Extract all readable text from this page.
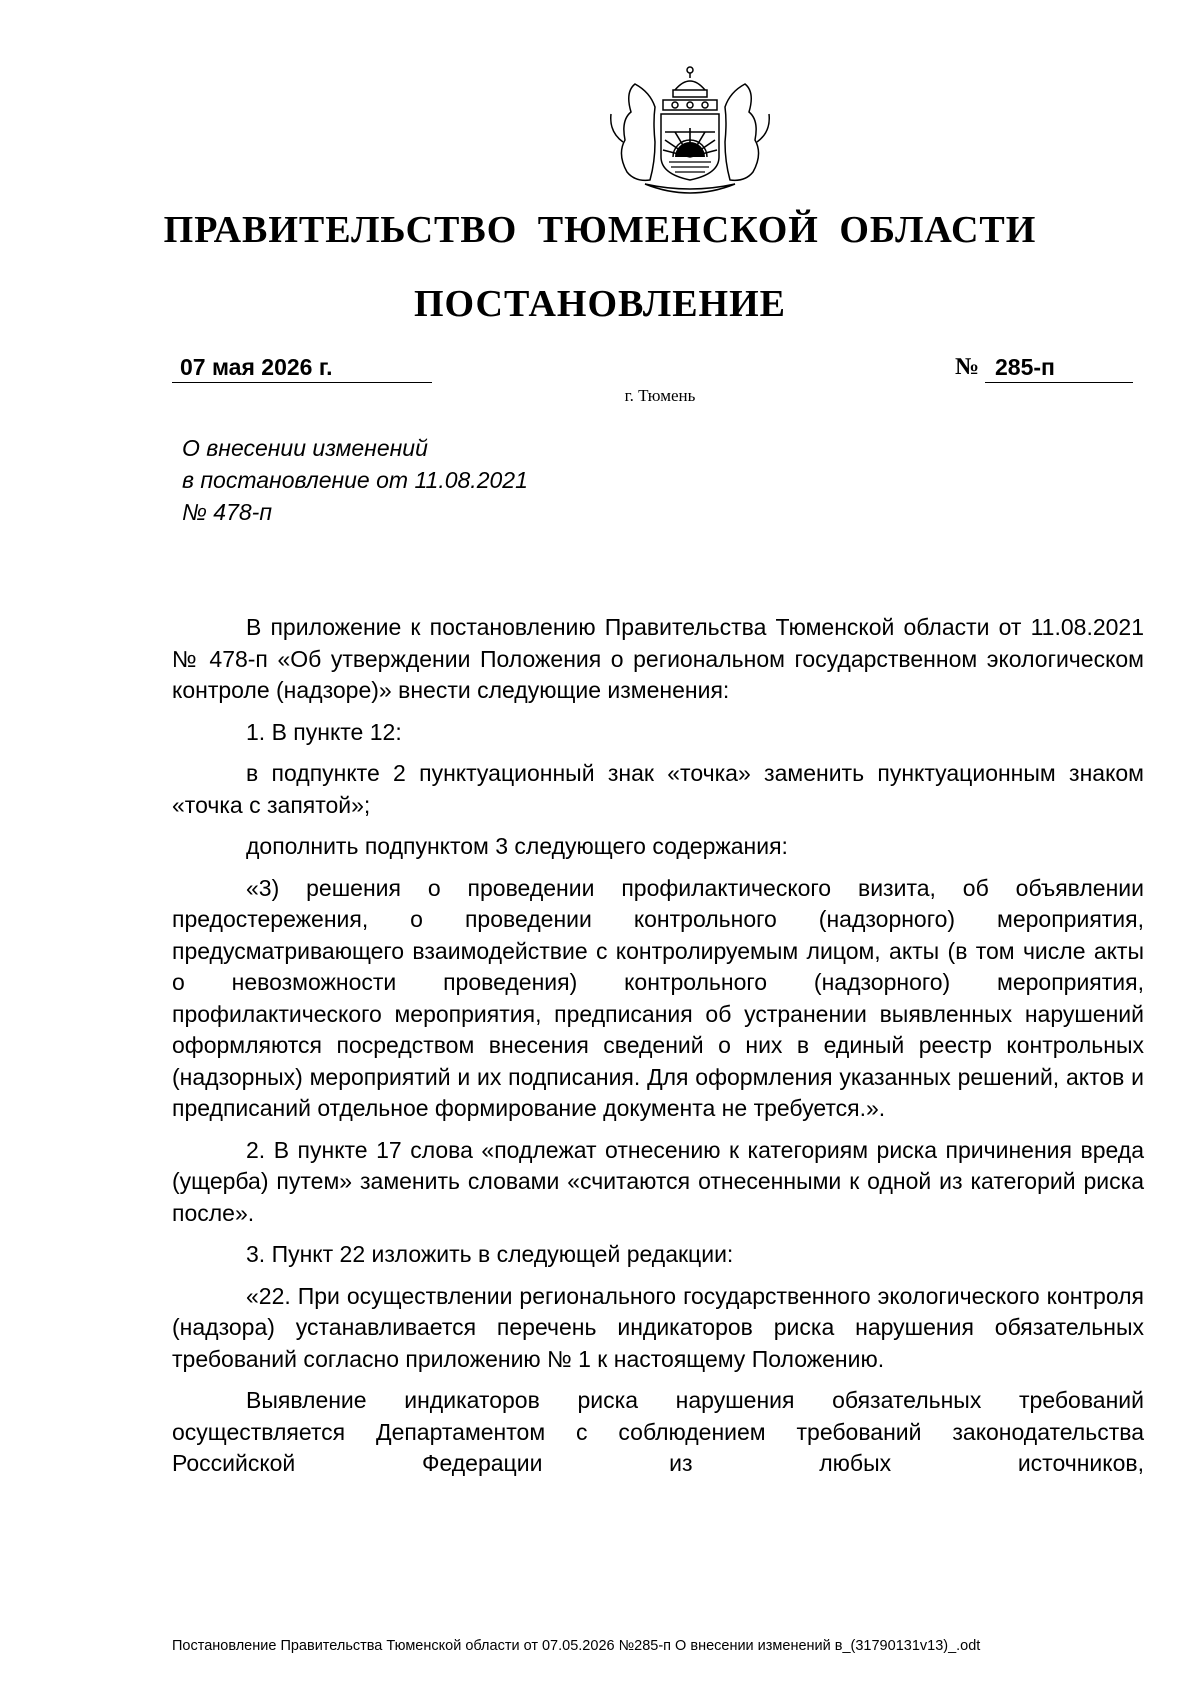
ПРАВИТЕЛЬСТВО ТЮМЕНСКОЙ ОБЛАСТИ
ПОСТАНОВЛЕНИЕ
07 мая 2026 г.	№ 285-п
г. Тюмень
О внесении изменений
в постановление от 11.08.2021
№ 478-п

В приложение к постановлению Правительства Тюменской области от 11.08.2021 № 478-п «Об утверждении Положения о региональном государственном экологическом контроле (надзоре)» внести следующие изменения:

1. В пункте 12:

в подпункте 2 пунктуационный знак «точка» заменить пунктуационным знаком «точка с запятой»;

дополнить подпунктом 3 следующего содержания:

«3) решения о проведении профилактического визита, об объявлении предостережения, о проведении контрольного (надзорного) мероприятия, предусматривающего взаимодействие с контролируемым лицом, акты (в том числе акты о невозможности проведения) контрольного (надзорного) мероприятия, профилактического мероприятия, предписания об устранении выявленных нарушений оформляются посредством внесения сведений о них в единый реестр контрольных (надзорных) мероприятий и их подписания. Для оформления указанных решений, актов и предписаний отдельное формирование документа не требуется.».

2. В пункте 17 слова «подлежат отнесению к категориям риска причинения вреда (ущерба) путем» заменить словами «считаются отнесенными к одной из категорий риска после».

3. Пункт 22 изложить в следующей редакции:

«22. При осуществлении регионального государственного экологического контроля (надзора) устанавливается перечень индикаторов риска нарушения обязательных требований согласно приложению № 1 к настоящему Положению.

Выявление индикаторов риска нарушения обязательных требований осуществляется Департаментом с соблюдением требований законодательства Российской Федерации из любых источников,

Постановление Правительства Тюменской области от 07.05.2026 №285-п О внесении изменений в_(31790131v13)_.odt
